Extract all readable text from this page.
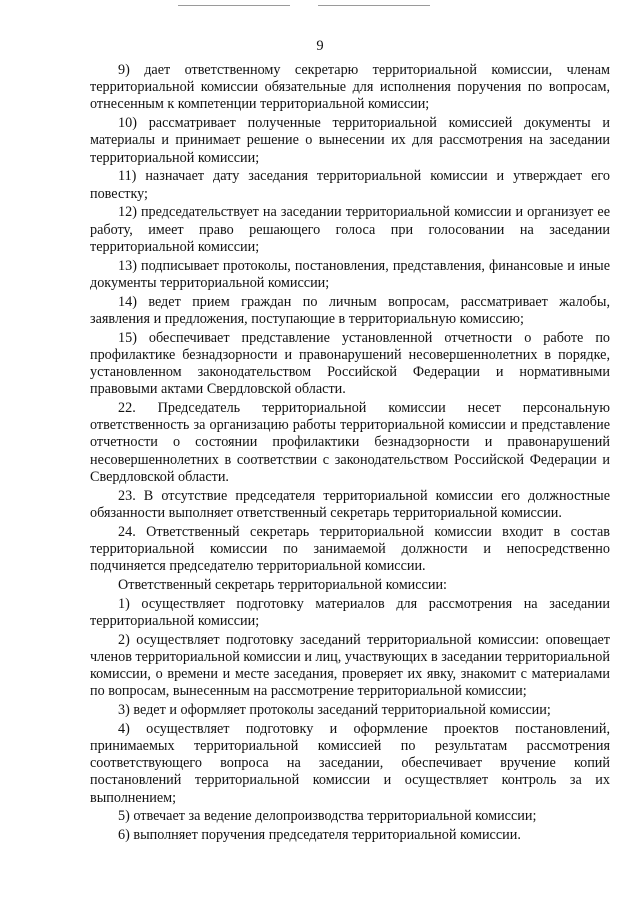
9

9) дает ответственному секретарю территориальной комиссии, членам территориальной комиссии обязательные для исполнения поручения по вопросам, отнесенным к компетенции территориальной комиссии;

10) рассматривает полученные территориальной комиссией документы и материалы и принимает решение о вынесении их для рассмотрения на заседании территориальной комиссии;

11) назначает дату заседания территориальной комиссии и утверждает его повестку;

12) председательствует на заседании территориальной комиссии и организует ее работу, имеет право решающего голоса при голосовании на заседании территориальной комиссии;

13) подписывает протоколы, постановления, представления, финансовые и иные документы территориальной комиссии;

14) ведет прием граждан по личным вопросам, рассматривает жалобы, заявления и предложения, поступающие в территориальную комиссию;

15) обеспечивает представление установленной отчетности о работе по профилактике безнадзорности и правонарушений несовершеннолетних в порядке, установленном законодательством Российской Федерации и нормативными правовыми актами Свердловской области.

22. Председатель территориальной комиссии несет персональную ответственность за организацию работы территориальной комиссии и представление отчетности о состоянии профилактики безнадзорности и правонарушений несовершеннолетних в соответствии с законодательством Российской Федерации и Свердловской области.

23. В отсутствие председателя территориальной комиссии его должностные обязанности выполняет ответственный секретарь территориальной комиссии.

24. Ответственный секретарь территориальной комиссии входит в состав территориальной комиссии по занимаемой должности и непосредственно подчиняется председателю территориальной комиссии.

Ответственный секретарь территориальной комиссии:

1) осуществляет подготовку материалов для рассмотрения на заседании территориальной комиссии;

2) осуществляет подготовку заседаний территориальной комиссии: оповещает членов территориальной комиссии и лиц, участвующих в заседании территориальной комиссии, о времени и месте заседания, проверяет их явку, знакомит с материалами по вопросам, вынесенным на рассмотрение территориальной комиссии;

3) ведет и оформляет протоколы заседаний территориальной комиссии;

4) осуществляет подготовку и оформление проектов постановлений, принимаемых территориальной комиссией по результатам рассмотрения соответствующего вопроса на заседании, обеспечивает вручение копий постановлений территориальной комиссии и осуществляет контроль за их выполнением;

5) отвечает за ведение делопроизводства территориальной комиссии;

6) выполняет поручения председателя территориальной комиссии.
